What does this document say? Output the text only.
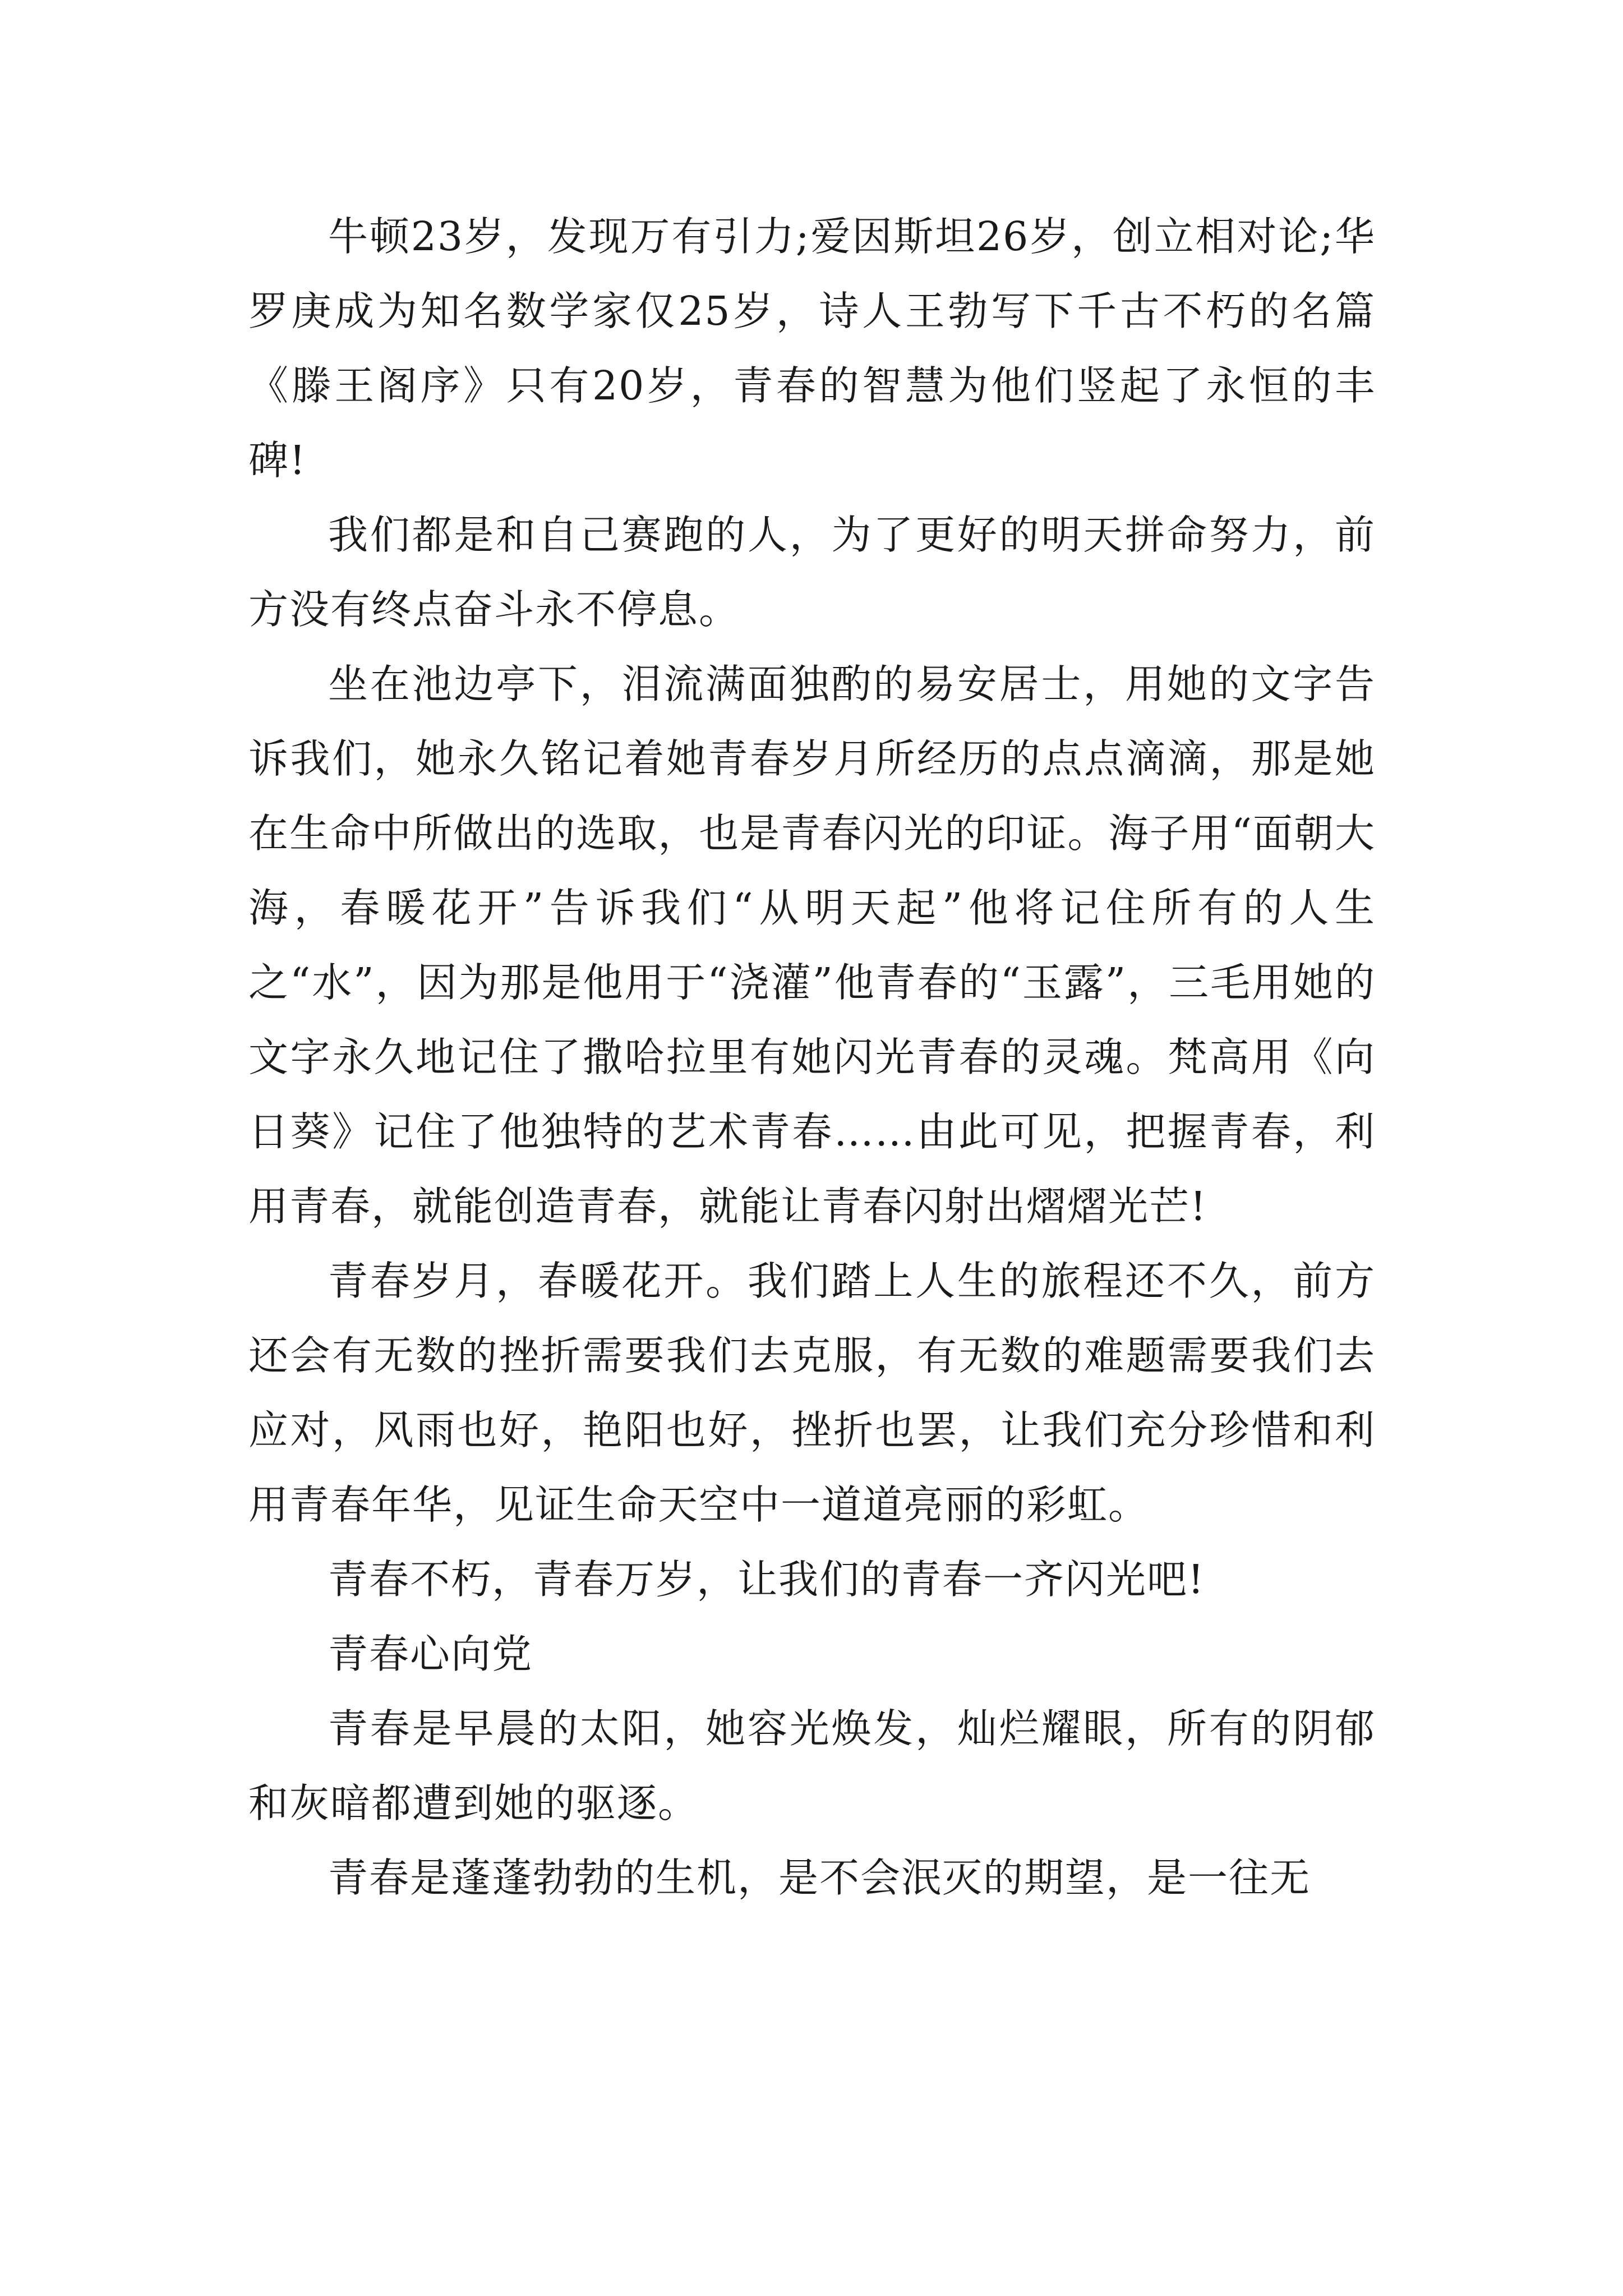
牛顿23岁，发现万有引力;爱因斯坦26岁，创立相对论;华罗庚成为知名数学家仅25岁，诗人王勃写下千古不朽的名篇《滕王阁序》只有20岁，青春的智慧为他们竖起了永恒的丰碑!

我们都是和自己赛跑的人，为了更好的明天拼命努力，前方没有终点奋斗永不停息。

坐在池边亭下，泪流满面独酌的易安居士，用她的文字告诉我们，她永久铭记着她青春岁月所经历的点点滴滴，那是她在生命中所做出的选取，也是青春闪光的印证。海子用“面朝大海，春暖花开”告诉我们“从明天起”他将记住所有的人生之“水”，因为那是他用于“浇灌”他青春的“玉露”，三毛用她的文字永久地记住了撒哈拉里有她闪光青春的灵魂。梵高用《向日葵》记住了他独特的艺术青春……由此可见，把握青春，利用青春，就能创造青春，就能让青春闪射出熠熠光芒!

青春岁月，春暖花开。我们踏上人生的旅程还不久，前方还会有无数的挫折需要我们去克服，有无数的难题需要我们去应对，风雨也好，艳阳也好，挫折也罢，让我们充分珍惜和利用青春年华，见证生命天空中一道道亮丽的彩虹。

青春不朽，青春万岁，让我们的青春一齐闪光吧!

青春心向党

青春是早晨的太阳，她容光焕发，灿烂耀眼，所有的阴郁和灰暗都遭到她的驱逐。

青春是蓬蓬勃勃的生机，是不会泯灭的期望，是一往无
